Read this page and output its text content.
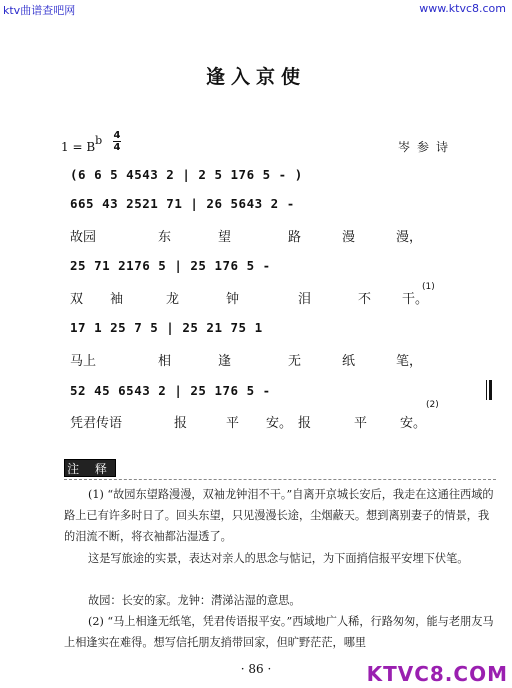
ktv曲谱查吧网	www.ktvc8.com
逢入京使
1 = Bb 4
4	岑参诗
(6 6 5 4543 2 | 2 5 176 5 - )
665 43 2521 71 | 26 5643 2 -
故园	东	望	路	漫	漫，
25 71 2176 5 | 25 176 5 -
双 袖	龙	钟	泪	不 干。
(1)
17 1 25 7 5 | 25 21 75 1
马上	相	逢	无	纸	笔，
52 45 6543 2 | 25 176 5 -
凭君传语	报	平 安。 报	平	安。
(2)
注 释
(1) “故园东望路漫漫，双袖龙钟泪不干。”自离开京城长安后，我走在这通往西域的路上已有许多时日了。回头东望，只见漫漫长途，尘烟蔽天。想到离别妻子的情景，我的泪流不断，将衣袖都沾湿透了。
这是写旅途的实景，表达对亲人的思念与惦记，为下面捎信报平安埋下伏笔。
故园：长安的家。龙钟：潸涕沾湿的意思。
(2) “马上相逢无纸笔，凭君传语报平安。”西域地广人稀，行路匆匆，能与老朋友马上相逢实在难得。想写信托朋友捎带回家，但旷野茫茫，哪里
· 86 ·	KTVC8.COM
